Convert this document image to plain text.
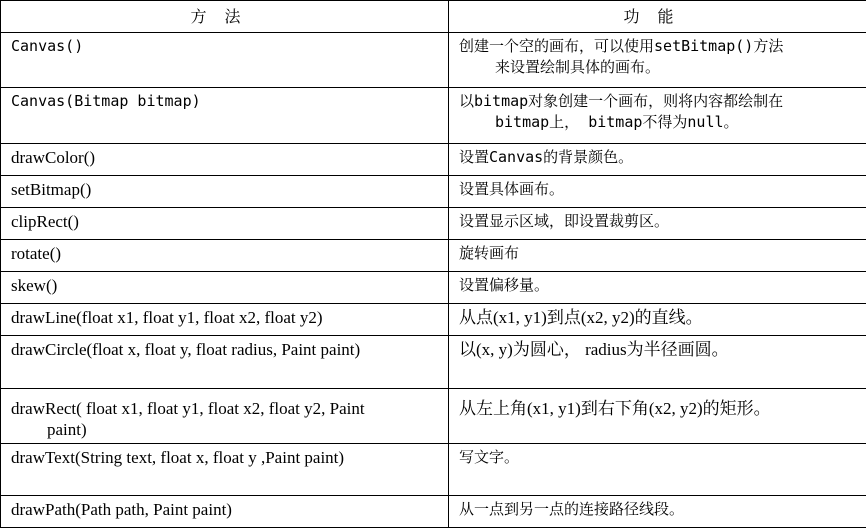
方法	功能

Canvas()	创建一个空的画布，可以使用setBitmap()方法
来设置绘制具体的画布。

Canvas(Bitmap bitmap)	以bitmap对象创建一个画布，则将内容都绘制在
bitmap上， bitmap不得为null。

drawColor()	设置Canvas的背景颜色。

setBitmap()	设置具体画布。

clipRect()	设置显示区域，即设置裁剪区。

rotate()	旋转画布

skew()	设置偏移量。

drawLine(float x1, float y1, float x2, float y2)	从点(x1, y1)到点(x2, y2)的直线。

drawCircle(float x, float y, float radius, Paint paint)	以(x, y)为圆心， radius为半径画圆。

drawRect( float x1, float y1, float x2, float y2, Paint
paint)	从左上角(x1, y1)到右下角(x2, y2)的矩形。

drawText(String text, float x, float y ,Paint paint)	写文字。

drawPath(Path path, Paint paint)	从一点到另一点的连接路径线段。
